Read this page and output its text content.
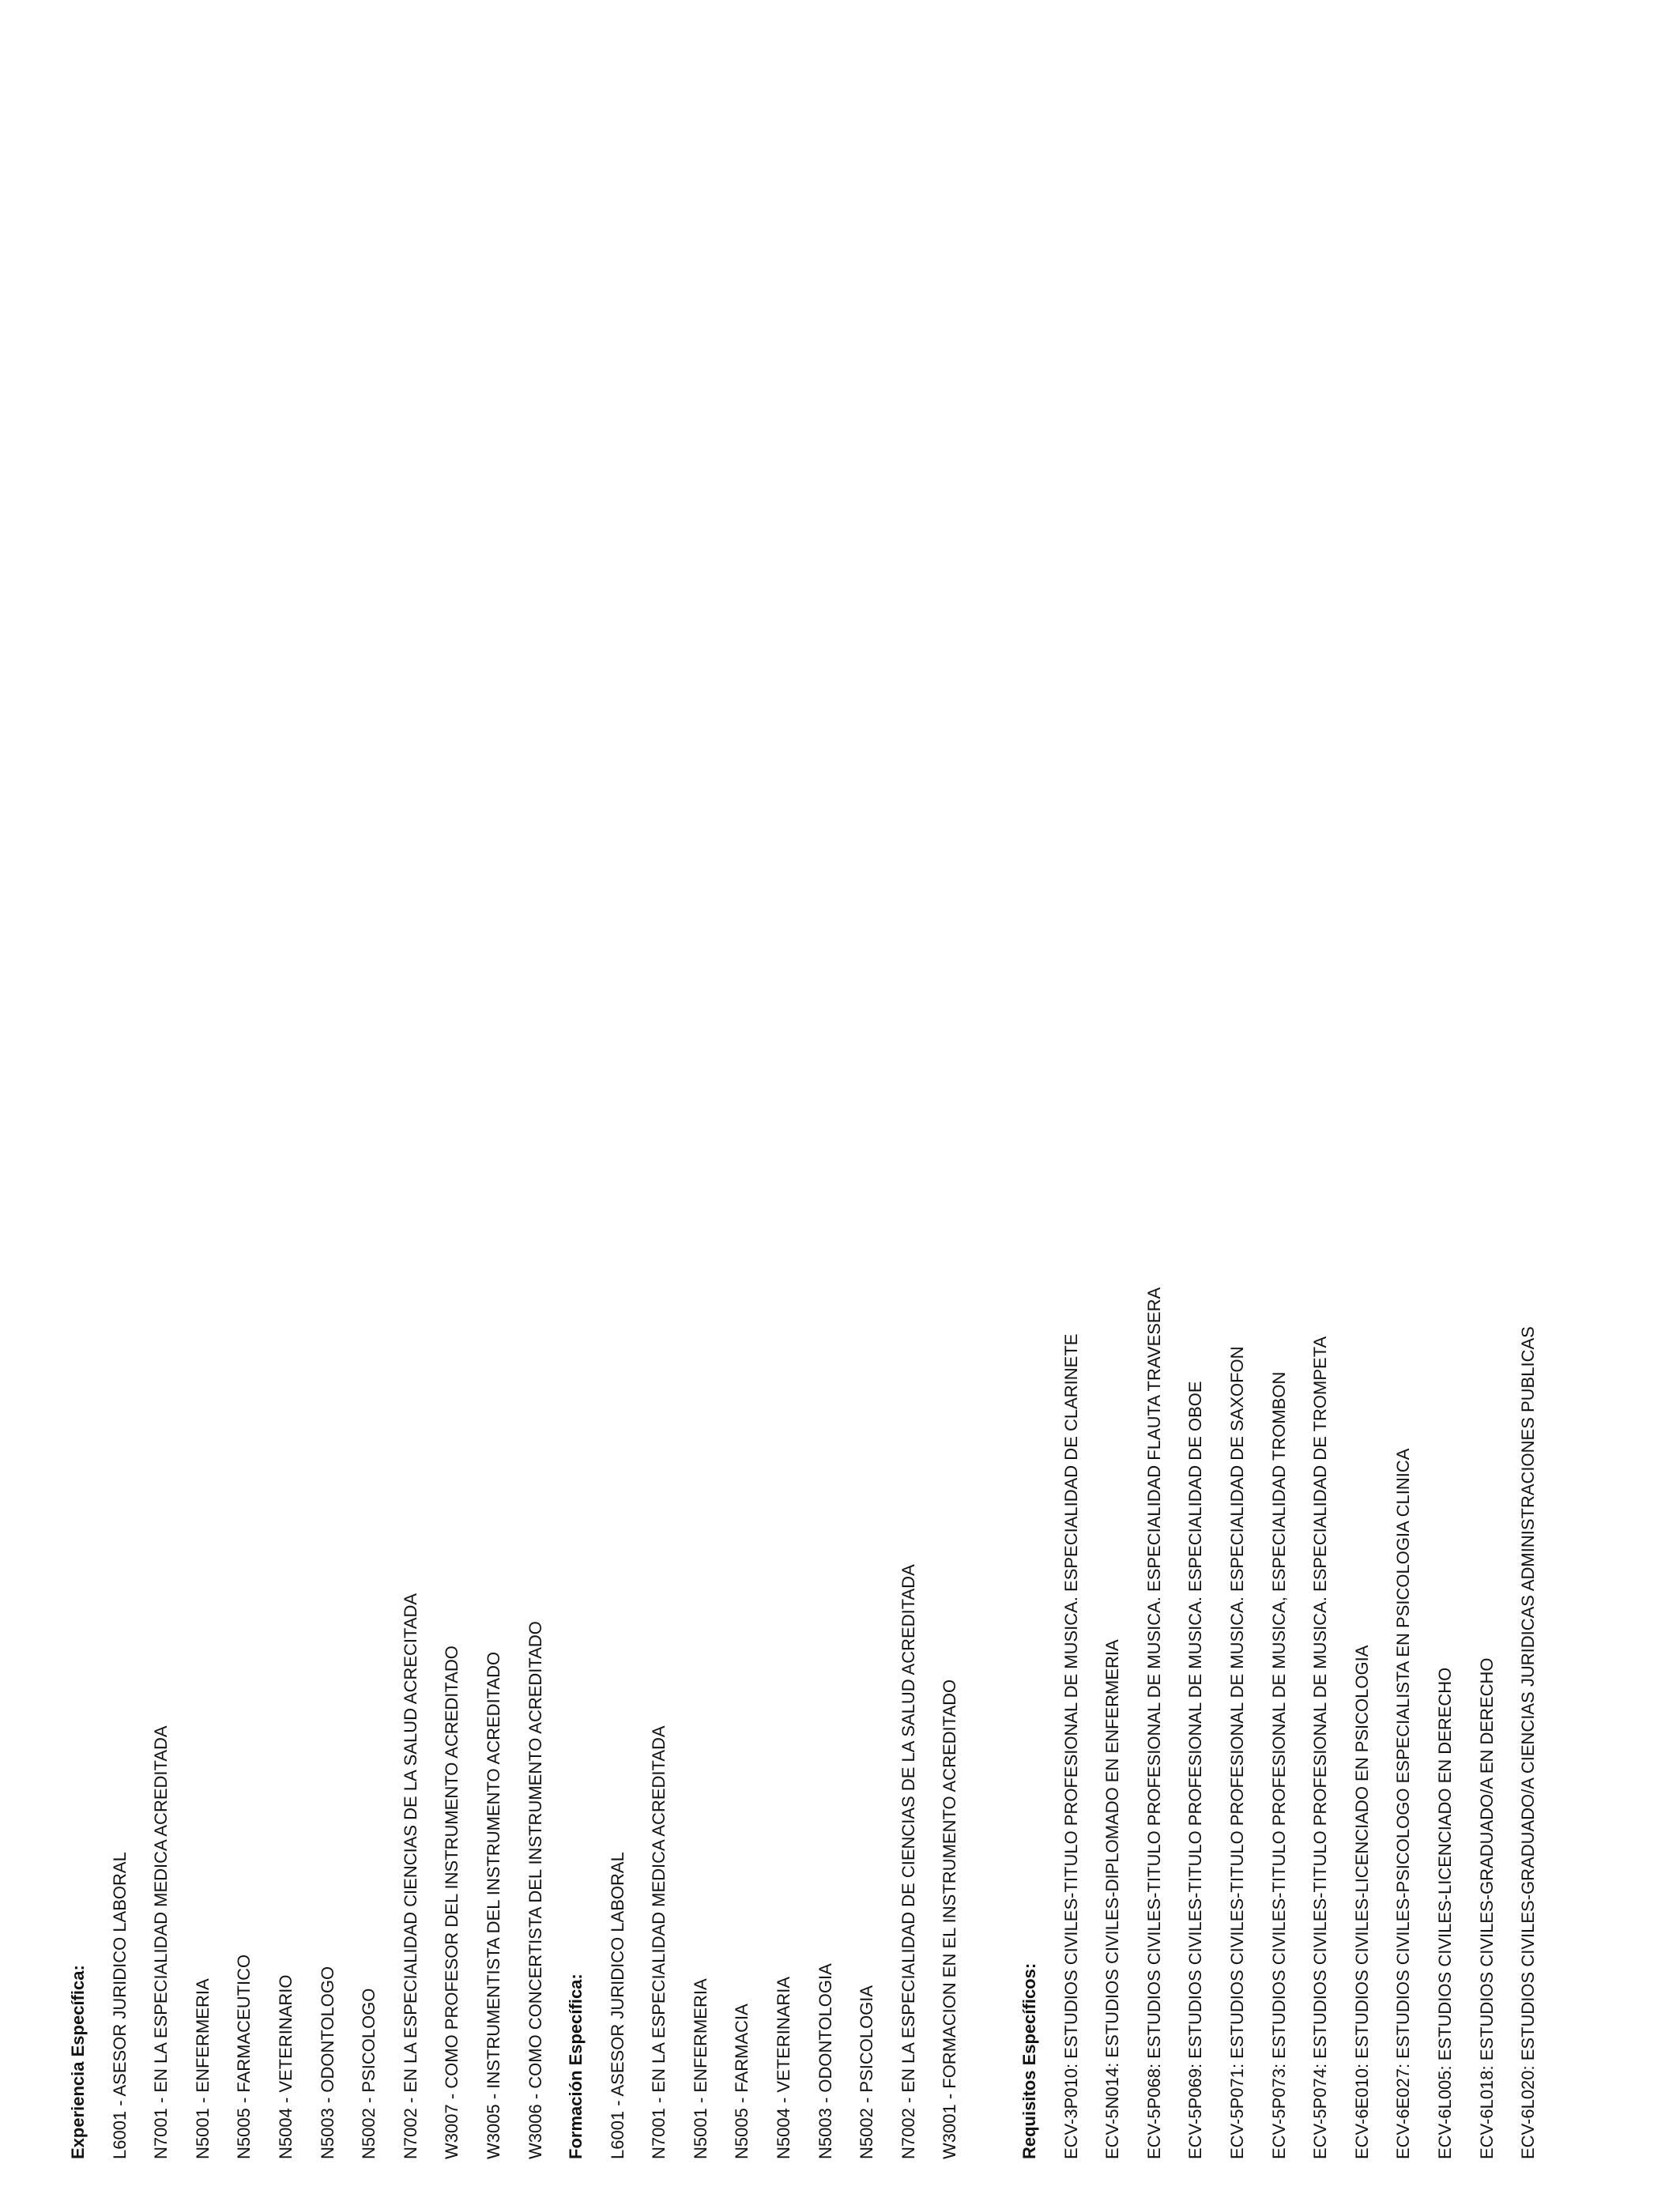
Experiencia Específica: L6001 - ASESOR JURIDICO LABORAL N7001 - EN LA ESPECIALIDAD MEDICA ACREDITADA N5001 - ENFERMERIA N5005 - FARMACEUTICO N5004 - VETERINARIO N5003 - ODONTOLOGO N5002 - PSICOLOGO N7002 - EN LA ESPECIALIDAD CIENCIAS DE LA SALUD ACRECITADA W3007 - COMO PROFESOR DEL INSTRUMENTO ACREDITADO W3005 - INSTRUMENTISTA DEL INSTRUMENTO ACREDITADO W3006 - COMO CONCERTISTA DEL INSTRUMENTO ACREDITADO Formación Específica: L6001 - ASESOR JURIDICO LABORAL N7001 - EN LA ESPECIALIDAD MEDICA ACREDITADA N5001 - ENFERMERIA N5005 - FARMACIA N5004 - VETERINARIA N5003 - ODONTOLOGIA N5002 - PSICOLOGIA N7002 - EN LA ESPECIALIDAD DE CIENCIAS DE LA SALUD ACREDITADA W3001 - FORMACION EN EL INSTRUMENTO ACREDITADO	Requisitos Específicos: ECV-3P010: ESTUDIOS CIVILES-TITULO PROFESIONAL DE MUSICA. ESPECIALIDAD DE CLARINETE ECV-5N014: ESTUDIOS CIVILES-DIPLOMADO EN ENFERMERIA ECV-5P068: ESTUDIOS CIVILES-TITULO PROFESIONAL DE MUSICA. ESPECIALIDAD FLAUTA TRAVESERA ECV-5P069: ESTUDIOS CIVILES-TITULO PROFESIONAL DE MUSICA. ESPECIALIDAD DE OBOE ECV-5P071: ESTUDIOS CIVILES-TITULO PROFESIONAL DE MUSICA. ESPECIALIDAD DE SAXOFON ECV-5P073: ESTUDIOS CIVILES-TITULO PROFESIONAL DE MUSICA, ESPECIALIDAD TROMBON ECV-5P074: ESTUDIOS CIVILES-TITULO PROFESIONAL DE MUSICA. ESPECIALIDAD DE TROMPETA ECV-6E010: ESTUDIOS CIVILES-LICENCIADO EN PSICOLOGIA ECV-6E027: ESTUDIOS CIVILES-PSICOLOGO ESPECIALISTA EN PSICOLOGIA CLINICA ECV-6L005: ESTUDIOS CIVILES-LICENCIADO EN DERECHO ECV-6L018: ESTUDIOS CIVILES-GRADUADO/A EN DERECHO ECV-6L020: ESTUDIOS CIVILES-GRADUADO/A CIENCIAS JURIDICAS ADMINISTRACIONES PUBLICAS
